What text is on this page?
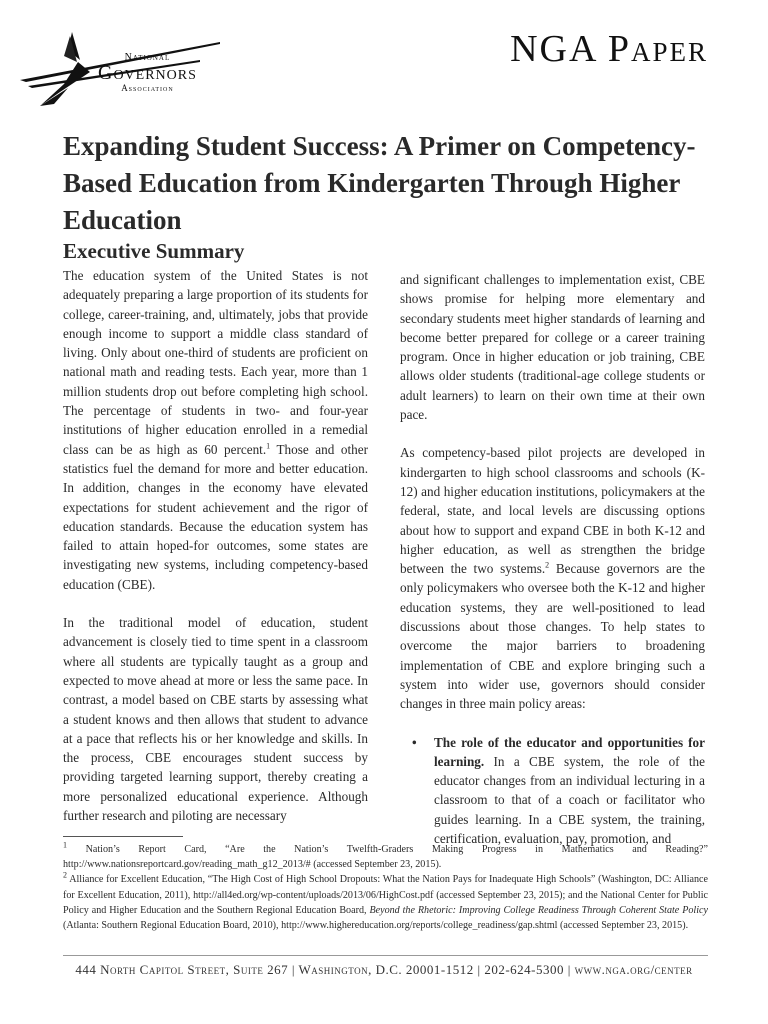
National
Governors
Association
NGA Paper
Expanding Student Success: A Primer on Competency-Based Education from Kindergarten Through Higher Education
Executive Summary

The education system of the United States is not adequately preparing a large proportion of its students for college, career-training, and, ultimately, jobs that provide enough income to support a middle class standard of living. Only about one-third of students are proficient on national math and reading tests. Each year, more than 1 million students drop out before completing high school. The percentage of students in two- and four-year institutions of higher education enrolled in a remedial class can be as high as 60 percent.$^1$ Those and other statistics fuel the demand for more and better education. In addition, changes in the economy have elevated expectations for student achievement and the rigor of education standards. Because the education system has failed to attain hoped-for outcomes, some states are investigating new systems, including competency-based education (CBE).

In the traditional model of education, student advancement is closely tied to time spent in a classroom where all students are typically taught as a group and expected to move ahead at more or less the same pace. In contrast, a model based on CBE starts by assessing what a student knows and then allows that student to advance at a pace that reflects his or her knowledge and skills. In the process, CBE encourages student success by providing targeted learning support, thereby creating a more personalized educational experience. Although further research and piloting are necessary

and significant challenges to implementation exist, CBE shows promise for helping more elementary and secondary students meet higher standards of learning and become better prepared for college or a career training program. Once in higher education or job training, CBE allows older students (traditional-age college students or adult learners) to learn on their own time at their own pace.

As competency-based pilot projects are developed in kindergarten to high school classrooms and schools (K-12) and higher education institutions, policymakers at the federal, state, and local levels are discussing options about how to support and expand CBE in both K-12 and higher education, as well as strengthen the bridge between the two systems.$^2$ Because governors are the only policymakers who oversee both the K-12 and higher education systems, they are well-positioned to lead discussions about those changes. To help states to overcome the major barriers to broadening implementation of CBE and explore bringing such a system into wider use, governors should consider changes in three main policy areas:

• The role of the educator and opportunities for learning. In a CBE system, the role of the educator changes from an individual lecturing in a classroom to that of a coach or facilitator who guides learning. In a CBE system, the training, certification, evaluation, pay, promotion, and

$^1$ Nation’s Report Card, “Are the Nation’s Twelfth-Graders Making Progress in Mathematics and Reading?” http://www.nationsreportcard.gov/reading_math_g12_2013/# (accessed September 23, 2015).

$^2$ Alliance for Excellent Education, “The High Cost of High School Dropouts: What the Nation Pays for Inadequate High Schools” (Washington, DC: Alliance for Excellent Education, 2011), http://all4ed.org/wp-content/uploads/2013/06/HighCost.pdf (accessed September 23, 2015); and the National Center for Public Policy and Higher Education and the Southern Regional Education Board, Beyond the Rhetoric: Improving College Readiness Through Coherent State Policy (Atlanta: Southern Regional Education Board, 2010), http://www.highereducation.org/reports/college_readiness/gap.shtml (accessed September 23, 2015).

444 North Capitol Street, Suite 267 | Washington, D.C. 20001-1512 | 202-624-5300 | www.nga.org/center
